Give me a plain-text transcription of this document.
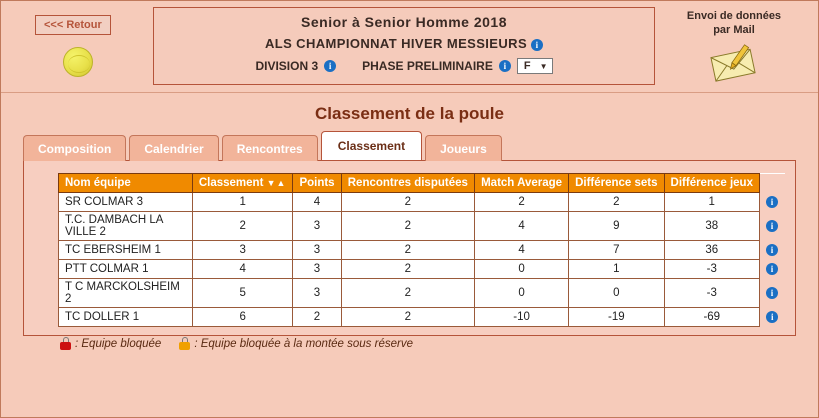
<<< Retour	Senior à Senior Homme 2018
ALS CHAMPIONNAT HIVER MESSIEURS i
DIVISION 3	i	PHASE PRELIMINAIRE	i	F ▼
Envoi de données
par Mail
Classement de la poule
Composition	Calendrier	Rencontres	Classement	Joueurs
Nom équipe	Classement ▼▲	Points	Rencontres disputées	Match Average	Différence sets	Différence jeux	
SR COLMAR 3	1	4	2	2	2	1	i
T.C. DAMBACH LA VILLE 2	2	3	2	4	9	38	i
TC EBERSHEIM 1	3	3	2	4	7	36	i
PTT COLMAR 1	4	3	2	0	1	-3	i
T C MARCKOLSHEIM 2	5	3	2	0	0	-3	i
TC DOLLER 1	6	2	2	-10	-19	-69	i
: Equipe bloquée	: Equipe bloquée à la montée sous réserve
